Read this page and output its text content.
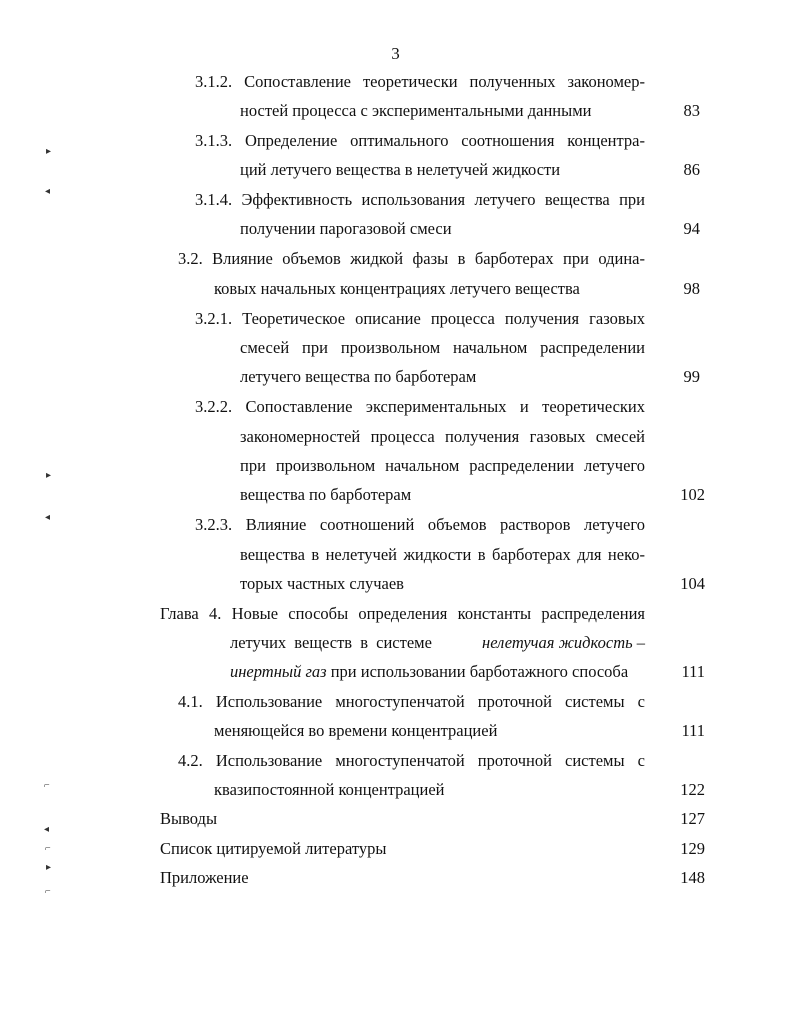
3
3.1.2. Сопоставление теоретически полученных закономер-
ностей процесса с экспериментальными данными	83
3.1.3. Определение оптимального соотношения концентра-
ций летучего вещества в нелетучей жидкости	86
3.1.4. Эффективность использования летучего вещества при
получении парогазовой смеси	94
3.2. Влияние объемов жидкой фазы в барботерах при одина-
ковых начальных концентрациях летучего вещества	98
3.2.1. Теоретическое описание процесса получения газовых
смесей при произвольном начальном распределении
летучего вещества по барботерам	99
3.2.2. Сопоставление экспериментальных и теоретических
закономерностей процесса получения газовых смесей
при произвольном начальном распределении летучего
вещества по барботерам	102
3.2.3. Влияние соотношений объемов растворов летучего
вещества в нелетучей жидкости в барботерах для неко-
торых частных случаев	104
Глава 4. Новые способы определения константы распределения
летучих веществ в системе	нелетучая жидкость –
инертный газ при использовании барботажного способа	111
4.1. Использование многоступенчатой проточной системы с
меняющейся во времени концентрацией	111
4.2. Использование многоступенчатой проточной системы с
квазипостоянной концентрацией	122
Выводы	127
Список цитируемой литературы	129
Приложение	148
▸
◂
▸
◂
⌐
◂
⌐
▸
⌐
